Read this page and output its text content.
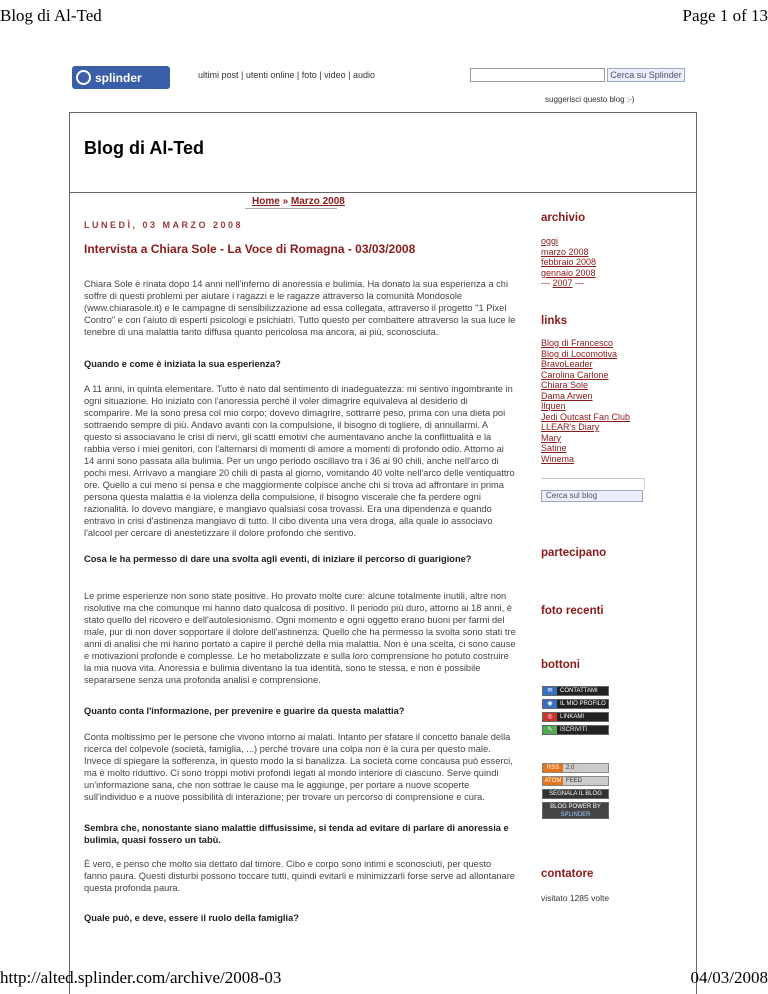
Blog di Al-Ted	Page 1 of 13
splinder	ultimi post | utenti online | foto | video | audio	Cerca su Splinder
suggerisci questo blog :-)
Blog di Al-Ted
Home » Marzo 2008
LUNEDÌ, 03 MARZO 2008
Intervista a Chiara Sole - La Voce di Romagna - 03/03/2008
Chiara Sole è rinata dopo 14 anni nell'inferno di anoressia e bulimia. Ha donato la sua esperienza a chi soffre di questi problemi per aiutare i ragazzi e le ragazze attraverso la comunità Mondosole (www.chiarasole.it) e le campagne di sensibilizzazione ad essa collegata, attraverso il progetto "1 Pixel Contro" e con l'aiuto di esperti psicologi e psichiatri. Tutto questo per combattere attraverso la sua luce le tenebre di una malattia tanto diffusa quanto pericolosa ma ancora, ai più, sconosciuta.
Quando e come è iniziata la sua esperienza?
A 11 anni, in quinta elementare. Tutto è nato dal sentimento di inadeguatezza: mi sentivo ingombrante in ogni situazione. Ho iniziato con l'anoressia perché il voler dimagrire equivaleva al desiderio di scomparire. Me la sono presa col mio corpo; dovevo dimagrire, sottrarre peso, prima con una dieta poi sottraendo sempre di più. Andavo avanti con la compulsione, il bisogno di togliere, di annullarmi. A questo si associavano le crisi di nervi, gli scatti emotivi che aumentavano anche la conflittualità e la rabbia verso i miei genitori, con l'alternarsi di momenti di amore a momenti di profondo odio. Attorno ai 14 anni sono passata alla bulimia. Per un ungo periodo oscillavo tra i 36 ai 90 chili, anche nell'arco di pochi mesi. Arrivavo a mangiare 20 chili di pasta al giorno, vomitando 40 volte nell'arco delle ventiquattro ore. Quello a cui meno si pensa e che maggiormente colpisce anche chi si trova ad affrontare in prima persona questa malattia è la violenza della compulsione, il bisogno viscerale che fa perdere ogni razionalità. Io dovevo mangiare, e mangiavo qualsiasi cosa trovassi. Era una dipendenza e quando entravo in crisi d'astinenza mangiavo di tutto. Il cibo diventa una vera droga, alla quale io associavo l'alcool per cercare di anestetizzare il dolore profondo che sentivo.
Cosa le ha permesso di dare una svolta agli eventi, di iniziare il percorso di guarigione?
Le prime esperienze non sono state positive. Ho provato molte cure: alcune totalmente inutili, altre non risolutive ma che comunque mi hanno dato qualcosa di positivo. Il periodo più duro, attorno ai 18 anni, è stato quello del ricovero e dell'autolesionismo. Ogni momento e ogni oggetto erano buoni per farmi del male, pur di non dover sopportare il dolore dell'astinenza. Quello che ha permesso la svolta sono stati tre anni di analisi che mi hanno portato a capire il perché della mia malattia. Non è una scelta, ci sono cause e motivazioni profonde e complesse. Le ho metabolizzate e sulla loro comprensione ho potuto costruire la mia nuova vita. Anoressia e bulimia diventano la tua identità, sono te stessa, e non è possibile separarsene senza una profonda analisi e comprensione.
Quanto conta l'informazione, per prevenire e guarire da questa malattia?
Conta moltissimo per le persone che vivono intorno ai malati. Intanto per sfatare il concetto banale della ricerca del colpevole (società, famiglia, ...) perché trovare una colpa non è la cura per questo male. Invece di spiegare la sofferenza, in questo modo la si banalizza. La società come concausa può esserci, ma è molto riduttivo. Ci sono troppi motivi profondi legati al mondo interiore di ciascuno. Serve quindi un'informazione sana, che non sottrae le cause ma le aggiunge, per portare a nuove scoperte sull'individuo e a nuove possibilità di interazione; per trovare un percorso di comprensione e cura.
Sembra che, nonostante siano malattie diffusissime, si tenda ad evitare di parlare di anoressia e bulimia, quasi fossero un tabù.
È vero, e penso che molto sia dettato dal timore. Cibo e corpo sono intimi e sconosciuti, per questo fanno paura. Questi disturbi possono toccare tutti, quindi evitarli e minimizzarli forse serve ad allontanare questa profonda paura.
Quale può, e deve, essere il ruolo della famiglia?
archivio
oggi
marzo 2008
febbraio 2008
gennaio 2008
--- 2007 ---
links
Blog di Francesco
Blog di Locomotiva
BravoLeader
Carolina Carlone
Chiara Sole
Dama Arwen
Ilquen
Jedi Outcast Fan Club
LLEAR's Diary
Mary
Satine
Winema
Cerca sul blog
partecipano
foto recenti
bottoni
✉	CONTATTAMI
◉	IL MIO PROFILO
◎	LINKAMI
✎	ISCRIVITI
RSS	2.0
ATOM FEED
SEGNALA IL BLOG
BLOG POWER BY
SPLINDER
contatore
visitato 1285 volte
http://alted.splinder.com/archive/2008-03	04/03/2008
